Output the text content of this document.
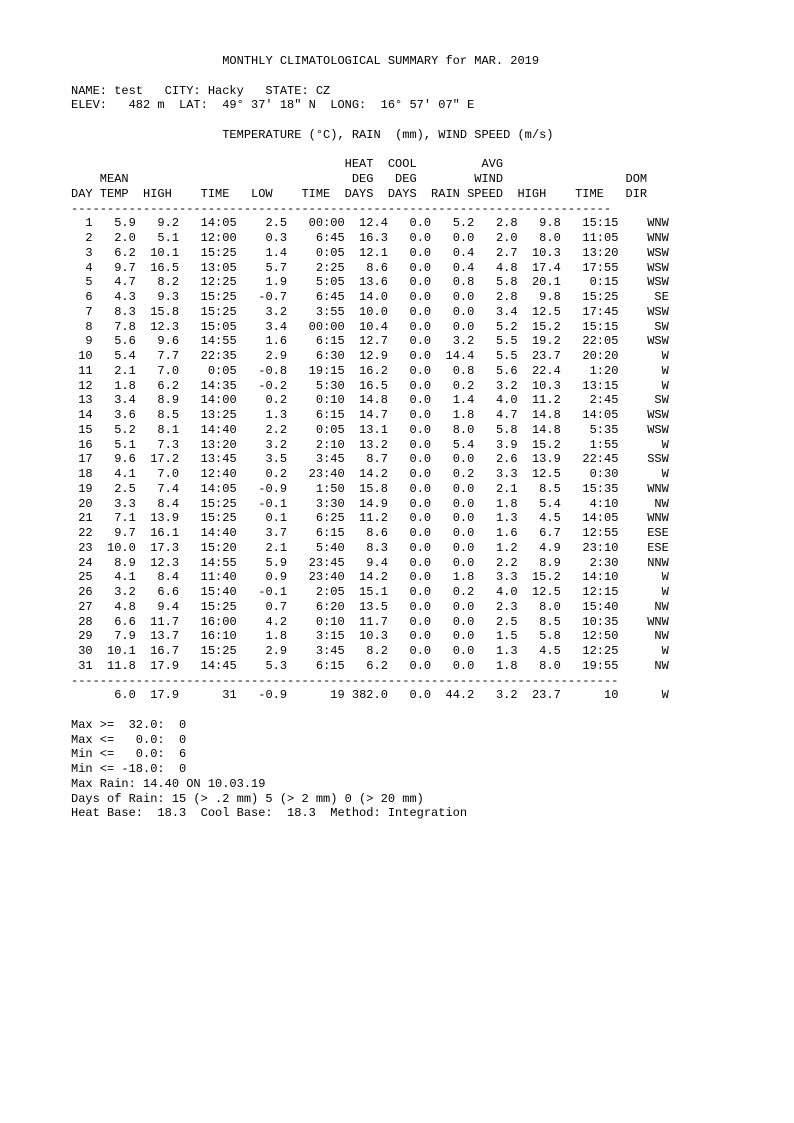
MONTHLY CLIMATOLOGICAL SUMMARY for MAR. 2019

NAME: test   CITY: Hacky   STATE: CZ
ELEV:   482 m  LAT:  49° 37' 18" N  LONG:  16° 57' 07" E

TEMPERATURE (°C), RAIN  (mm), WIND SPEED (m/s)

HEAT  COOL         AVG
MEAN                               DEG   DEG        WIND                 DOM
DAY TEMP  HIGH    TIME   LOW    TIME  DAYS  DAYS  RAIN SPEED  HIGH    TIME   DIR
---------------------------------------------------------------------------
1   5.9   9.2   14:05    2.5   00:00  12.4   0.0   5.2   2.8   9.8   15:15    WNW
2   2.0   5.1   12:00    0.3    6:45  16.3   0.0   0.0   2.0   8.0   11:05    WNW
3   6.2  10.1   15:25    1.4    0:05  12.1   0.0   0.4   2.7  10.3   13:20    WSW
4   9.7  16.5   13:05    5.7    2:25   8.6   0.0   0.4   4.8  17.4   17:55    WSW
5   4.7   8.2   12:25    1.9    5:05  13.6   0.0   0.8   5.8  20.1    0:15    WSW
6   4.3   9.3   15:25   -0.7    6:45  14.0   0.0   0.0   2.8   9.8   15:25     SE
7   8.3  15.8   15:25    3.2    3:55  10.0   0.0   0.0   3.4  12.5   17:45    WSW
8   7.8  12.3   15:05    3.4   00:00  10.4   0.0   0.0   5.2  15.2   15:15     SW
9   5.6   9.6   14:55    1.6    6:15  12.7   0.0   3.2   5.5  19.2   22:05    WSW
10   5.4   7.7   22:35    2.9    6:30  12.9   0.0  14.4   5.5  23.7   20:20      W
11   2.1   7.0    0:05   -0.8   19:15  16.2   0.0   0.8   5.6  22.4    1:20      W
12   1.8   6.2   14:35   -0.2    5:30  16.5   0.0   0.2   3.2  10.3   13:15      W
13   3.4   8.9   14:00    0.2    0:10  14.8   0.0   1.4   4.0  11.2    2:45     SW
14   3.6   8.5   13:25    1.3    6:15  14.7   0.0   1.8   4.7  14.8   14:05    WSW
15   5.2   8.1   14:40    2.2    0:05  13.1   0.0   8.0   5.8  14.8    5:35    WSW
16   5.1   7.3   13:20    3.2    2:10  13.2   0.0   5.4   3.9  15.2    1:55      W
17   9.6  17.2   13:45    3.5    3:45   8.7   0.0   0.0   2.6  13.9   22:45    SSW
18   4.1   7.0   12:40    0.2   23:40  14.2   0.0   0.2   3.3  12.5    0:30      W
19   2.5   7.4   14:05   -0.9    1:50  15.8   0.0   0.0   2.1   8.5   15:35    WNW
20   3.3   8.4   15:25   -0.1    3:30  14.9   0.0   0.0   1.8   5.4    4:10     NW
21   7.1  13.9   15:25    0.1    6:25  11.2   0.0   0.0   1.3   4.5   14:05    WNW
22   9.7  16.1   14:40    3.7    6:15   8.6   0.0   0.0   1.6   6.7   12:55    ESE
23  10.0  17.3   15:20    2.1    5:40   8.3   0.0   0.0   1.2   4.9   23:10    ESE
24   8.9  12.3   14:55    5.9   23:45   9.4   0.0   0.0   2.2   8.9    2:30    NNW
25   4.1   8.4   11:40    0.9   23:40  14.2   0.0   1.8   3.3  15.2   14:10      W
26   3.2   6.6   15:40   -0.1    2:05  15.1   0.0   0.2   4.0  12.5   12:15      W
27   4.8   9.4   15:25    0.7    6:20  13.5   0.0   0.0   2.3   8.0   15:40     NW
28   6.6  11.7   16:00    4.2    0:10  11.7   0.0   0.0   2.5   8.5   10:35    WNW
29   7.9  13.7   16:10    1.8    3:15  10.3   0.0   0.0   1.5   5.8   12:50     NW
30  10.1  16.7   15:25    2.9    3:45   8.2   0.0   0.0   1.3   4.5   12:25      W
31  11.8  17.9   14:45    5.3    6:15   6.2   0.0   0.0   1.8   8.0   19:55     NW
----------------------------------------------------------------------------
6.0  17.9      31   -0.9      19 382.0   0.0  44.2   3.2  23.7      10      W

Max >=  32.0:  0
Max <=   0.0:  0
Min <=   0.0:  6
Min <= -18.0:  0
Max Rain: 14.40 ON 10.03.19
Days of Rain: 15 (> .2 mm) 5 (> 2 mm) 0 (> 20 mm)
Heat Base:  18.3  Cool Base:  18.3  Method: Integration
